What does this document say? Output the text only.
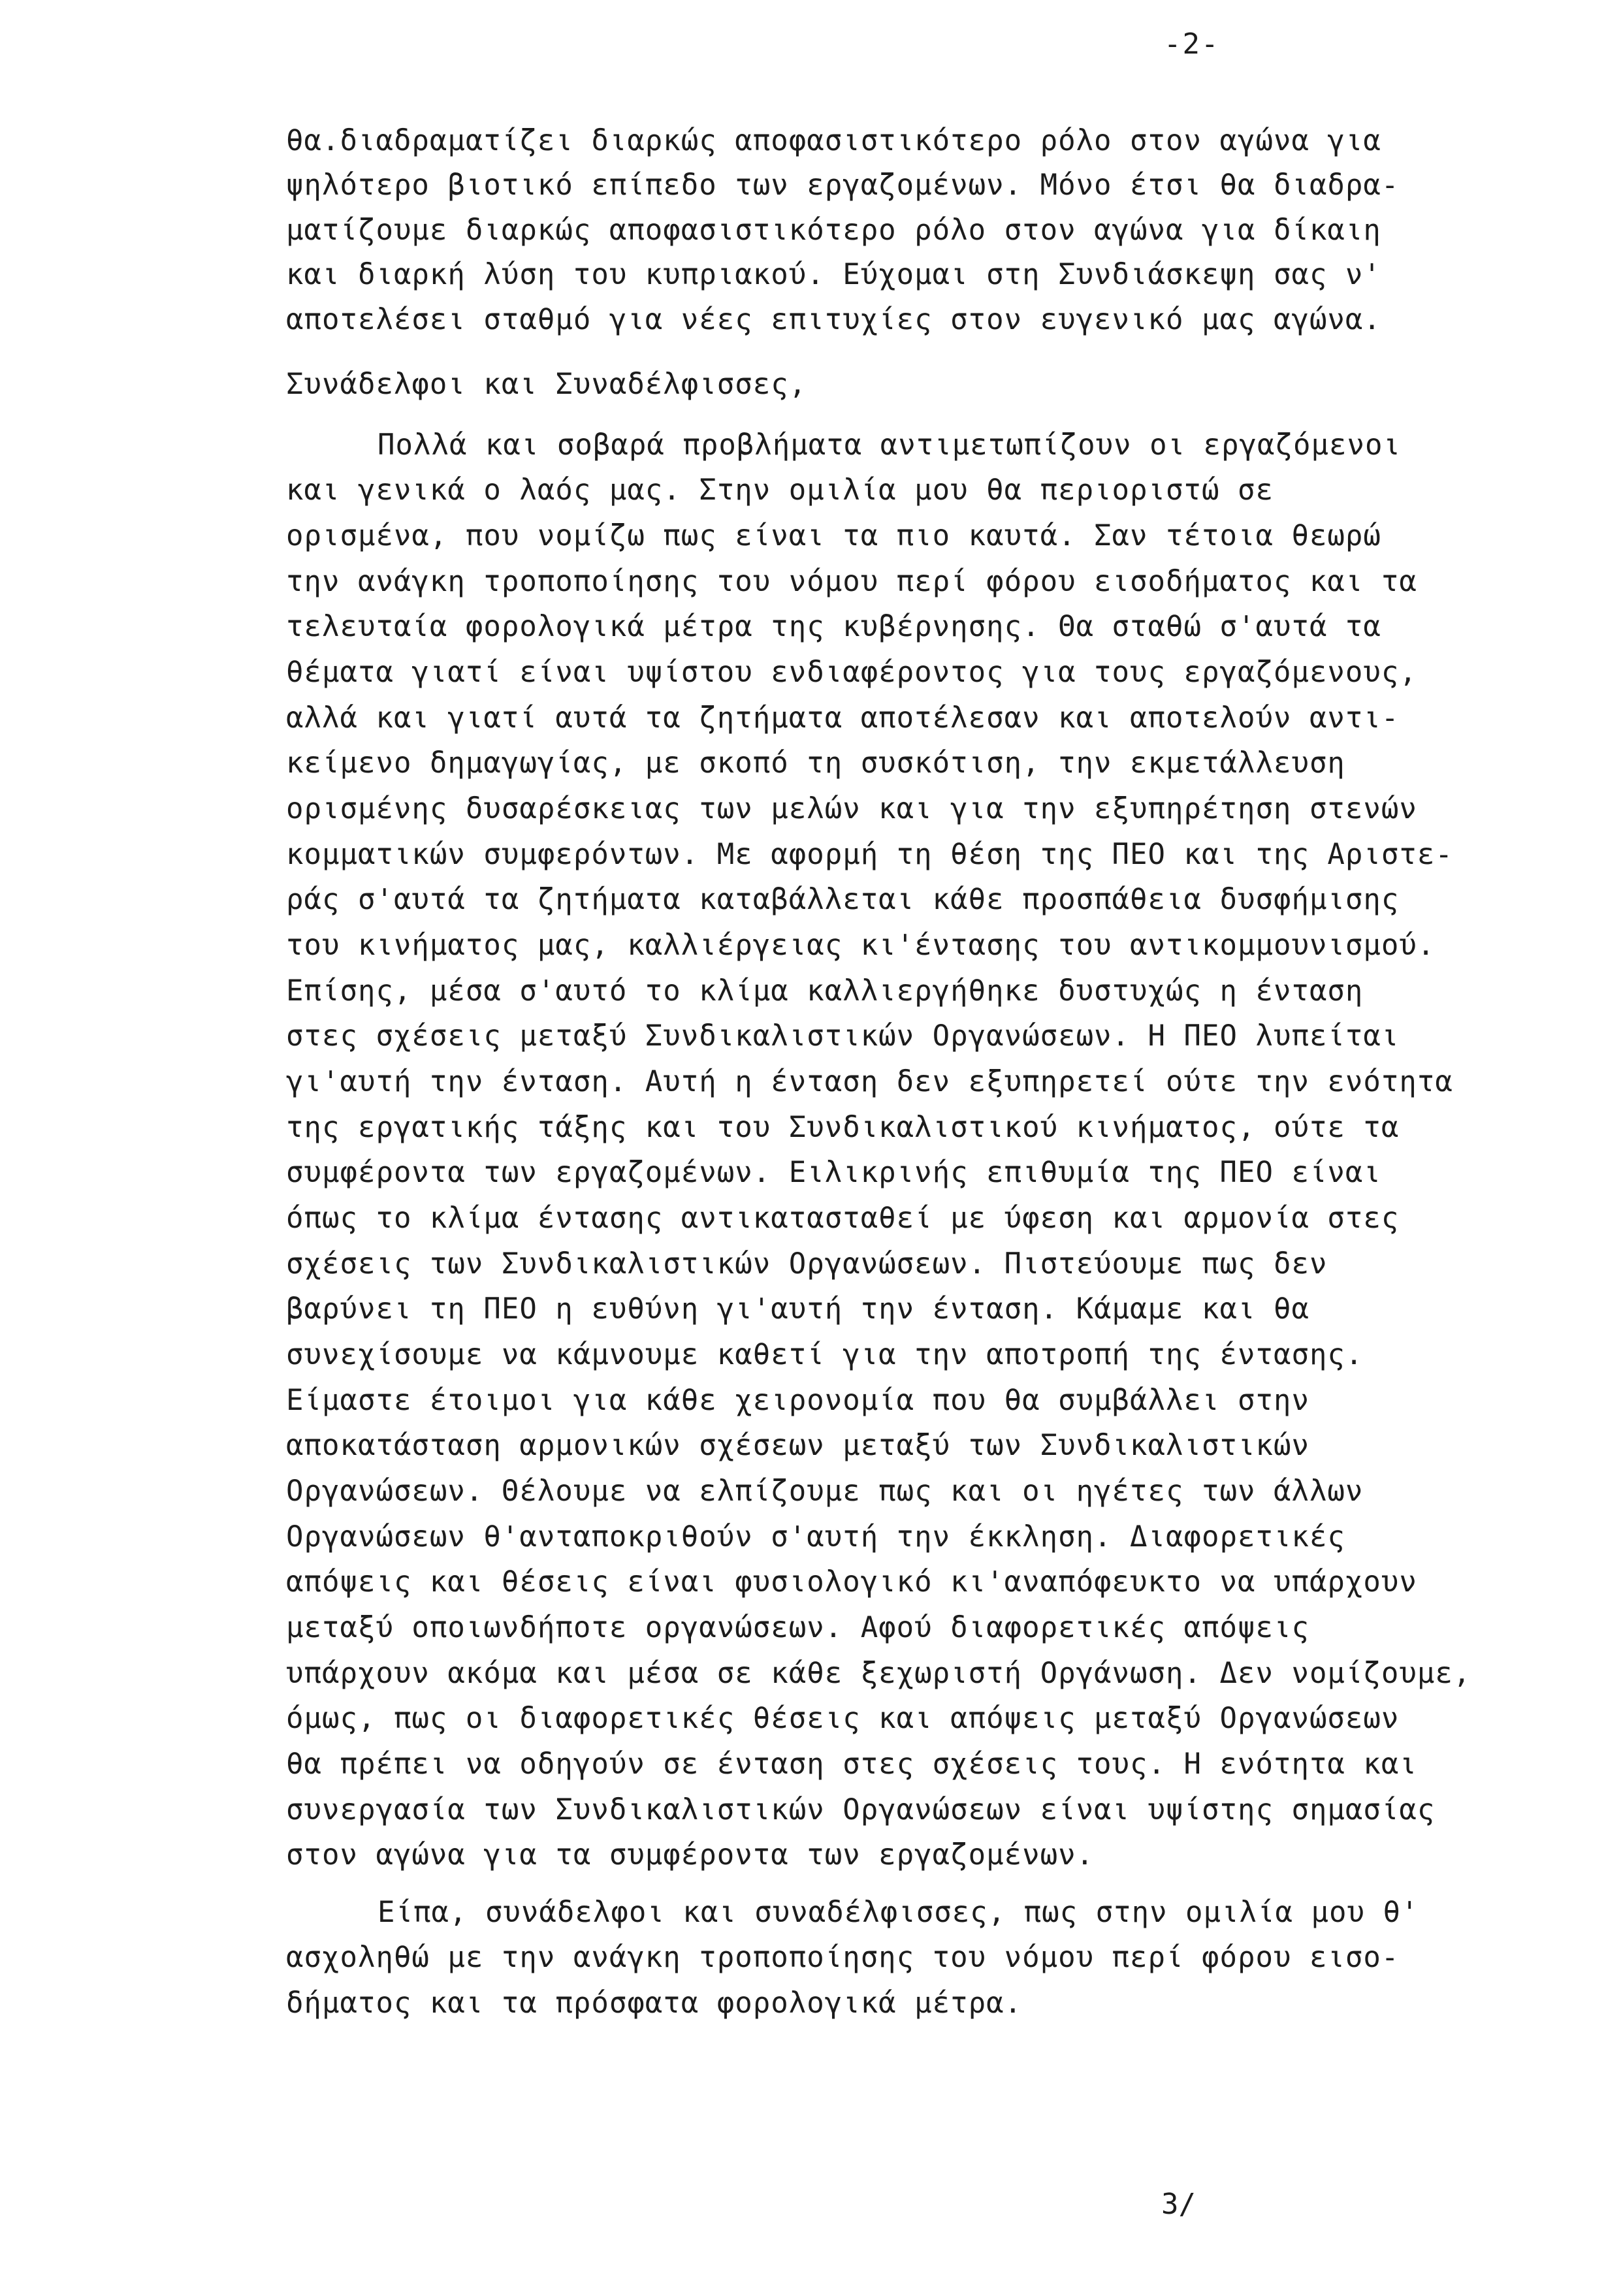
-2-
θα.διαδραματίζει διαρκώς αποφασιστικότερο ρόλο στον αγώνα για
ψηλότερο βιοτικό επίπεδο των εργαζομένων. Μόνο έτσι θα διαδρα-
ματίζουμε διαρκώς αποφασιστικότερο ρόλο στον αγώνα για δίκαιη
και διαρκή λύση του κυπριακού. Εύχομαι στη Συνδιάσκεψη σας ν'
αποτελέσει σταθμό για νέες επιτυχίες στον ευγενικό μας αγώνα.
Συνάδελφοι και Συναδέλφισσες,
Πολλά και σοβαρά προβλήματα αντιμετωπίζουν οι εργαζόμενοι
και γενικά ο λαός μας. Στην ομιλία μου θα περιοριστώ σε
ορισμένα, που νομίζω πως είναι τα πιο καυτά. Σαν τέτοια θεωρώ
την ανάγκη τροποποίησης του νόμου περί φόρου εισοδήματος και τα
τελευταία φορολογικά μέτρα της κυβέρνησης. Θα σταθώ σ'αυτά τα
θέματα γιατί είναι υψίστου ενδιαφέροντος για τους εργαζόμενους,
αλλά και γιατί αυτά τα ζητήματα αποτέλεσαν και αποτελούν αντι-
κείμενο δημαγωγίας, με σκοπό τη συσκότιση, την εκμετάλλευση
ορισμένης δυσαρέσκειας των μελών και για την εξυπηρέτηση στενών
κομματικών συμφερόντων. Με αφορμή τη θέση της ΠΕΟ και της Αριστε-
ράς σ'αυτά τα ζητήματα καταβάλλεται κάθε προσπάθεια δυσφήμισης
του κινήματος μας, καλλιέργειας κι'έντασης του αντικομμουνισμού.
Επίσης, μέσα σ'αυτό το κλίμα καλλιεργήθηκε δυστυχώς η ένταση
στες σχέσεις μεταξύ Συνδικαλιστικών Οργανώσεων. Η ΠΕΟ λυπείται
γι'αυτή την ένταση. Αυτή η ένταση δεν εξυπηρετεί ούτε την ενότητα
της εργατικής τάξης και του Συνδικαλιστικού κινήματος, ούτε τα
συμφέροντα των εργαζομένων. Ειλικρινής επιθυμία της ΠΕΟ είναι
όπως το κλίμα έντασης αντικατασταθεί με ύφεση και αρμονία στες
σχέσεις των Συνδικαλιστικών Οργανώσεων. Πιστεύουμε πως δεν
βαρύνει τη ΠΕΟ η ευθύνη γι'αυτή την ένταση. Κάμαμε και θα
συνεχίσουμε να κάμνουμε καθετί για την αποτροπή της έντασης.
Είμαστε έτοιμοι για κάθε χειρονομία που θα συμβάλλει στην
αποκατάσταση αρμονικών σχέσεων μεταξύ των Συνδικαλιστικών
Οργανώσεων. Θέλουμε να ελπίζουμε πως και οι ηγέτες των άλλων
Οργανώσεων θ'ανταποκριθούν σ'αυτή την έκκληση. Διαφορετικές
απόψεις και θέσεις είναι φυσιολογικό κι'αναπόφευκτο να υπάρχουν
μεταξύ οποιωνδήποτε οργανώσεων. Αφού διαφορετικές απόψεις
υπάρχουν ακόμα και μέσα σε κάθε ξεχωριστή Οργάνωση. Δεν νομίζουμε,
όμως, πως οι διαφορετικές θέσεις και απόψεις μεταξύ Οργανώσεων
θα πρέπει να οδηγούν σε ένταση στες σχέσεις τους. Η ενότητα και
συνεργασία των Συνδικαλιστικών Οργανώσεων είναι υψίστης σημασίας
στον αγώνα για τα συμφέροντα των εργαζομένων.
Είπα, συνάδελφοι και συναδέλφισσες, πως στην ομιλία μου θ'
ασχοληθώ με την ανάγκη τροποποίησης του νόμου περί φόρου εισο-
δήματος και τα πρόσφατα φορολογικά μέτρα.
3/
